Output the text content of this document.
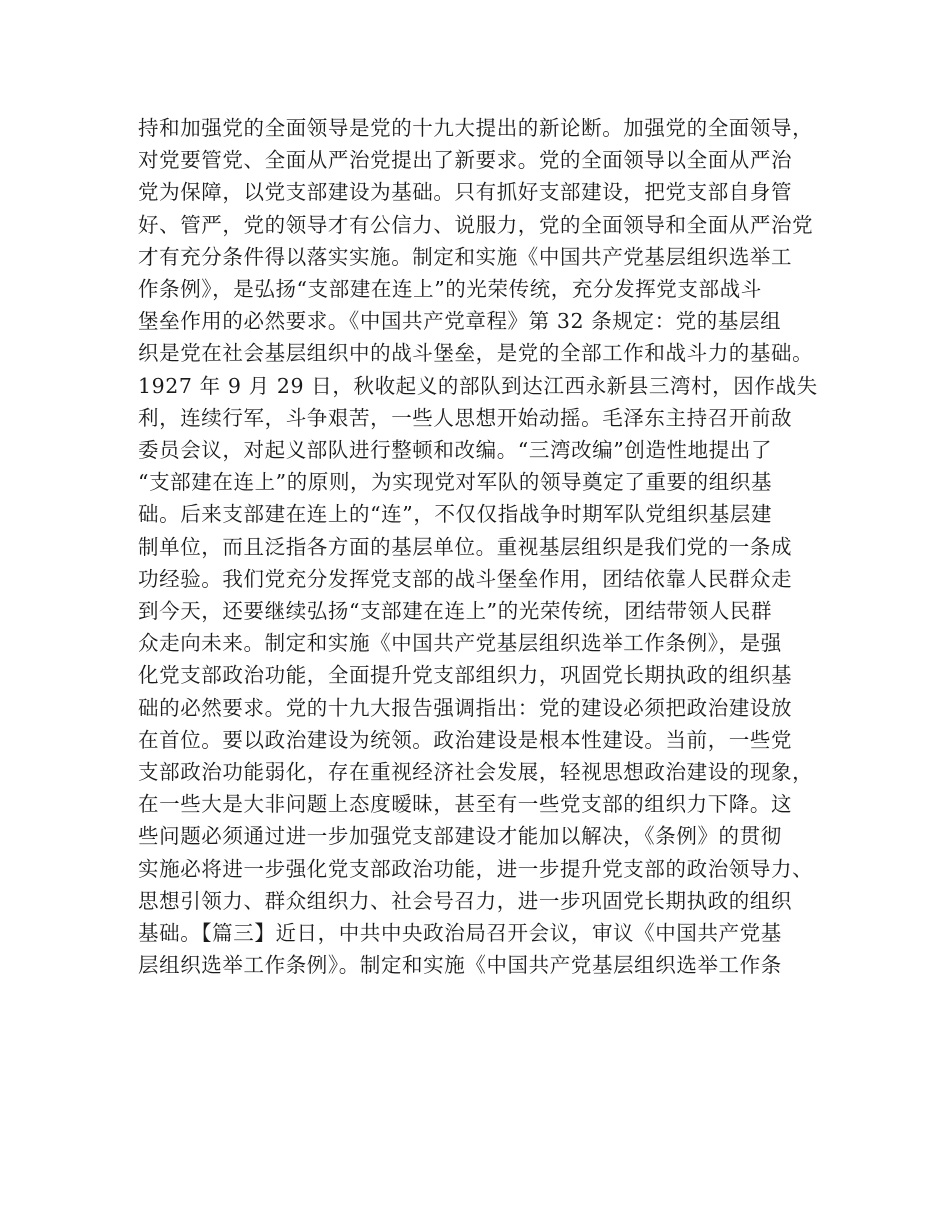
持和加强党的全面领导是党的十九大提出的新论断。加强党的全面领导，
对党要管党、全面从严治党提出了新要求。党的全面领导以全面从严治
党为保障，以党支部建设为基础。只有抓好支部建设，把党支部自身管
好、管严，党的领导才有公信力、说服力，党的全面领导和全面从严治党
才有充分条件得以落实实施。制定和实施《中国共产党基层组织选举工
作条例》，是弘扬“支部建在连上”的光荣传统，充分发挥党支部战斗
堡垒作用的必然要求。《中国共产党章程》第 32 条规定：党的基层组
织是党在社会基层组织中的战斗堡垒，是党的全部工作和战斗力的基础。
1927 年 9 月 29 日，秋收起义的部队到达江西永新县三湾村，因作战失
利，连续行军，斗争艰苦，一些人思想开始动摇。毛泽东主持召开前敌
委员会议，对起义部队进行整顿和改编。“三湾改编”创造性地提出了
“支部建在连上”的原则，为实现党对军队的领导奠定了重要的组织基
础。后来支部建在连上的“连”，不仅仅指战争时期军队党组织基层建
制单位，而且泛指各方面的基层单位。重视基层组织是我们党的一条成
功经验。我们党充分发挥党支部的战斗堡垒作用，团结依靠人民群众走
到今天，还要继续弘扬“支部建在连上”的光荣传统，团结带领人民群
众走向未来。制定和实施《中国共产党基层组织选举工作条例》，是强
化党支部政治功能，全面提升党支部组织力，巩固党长期执政的组织基
础的必然要求。党的十九大报告强调指出：党的建设必须把政治建设放
在首位。要以政治建设为统领。政治建设是根本性建设。当前，一些党
支部政治功能弱化，存在重视经济社会发展，轻视思想政治建设的现象，
在一些大是大非问题上态度暧昧，甚至有一些党支部的组织力下降。这
些问题必须通过进一步加强党支部建设才能加以解决，《条例》的贯彻
实施必将进一步强化党支部政治功能，进一步提升党支部的政治领导力、
思想引领力、群众组织力、社会号召力，进一步巩固党长期执政的组织
基础。【篇三】近日，中共中央政治局召开会议，审议《中国共产党基
层组织选举工作条例》。制定和实施《中国共产党基层组织选举工作条
